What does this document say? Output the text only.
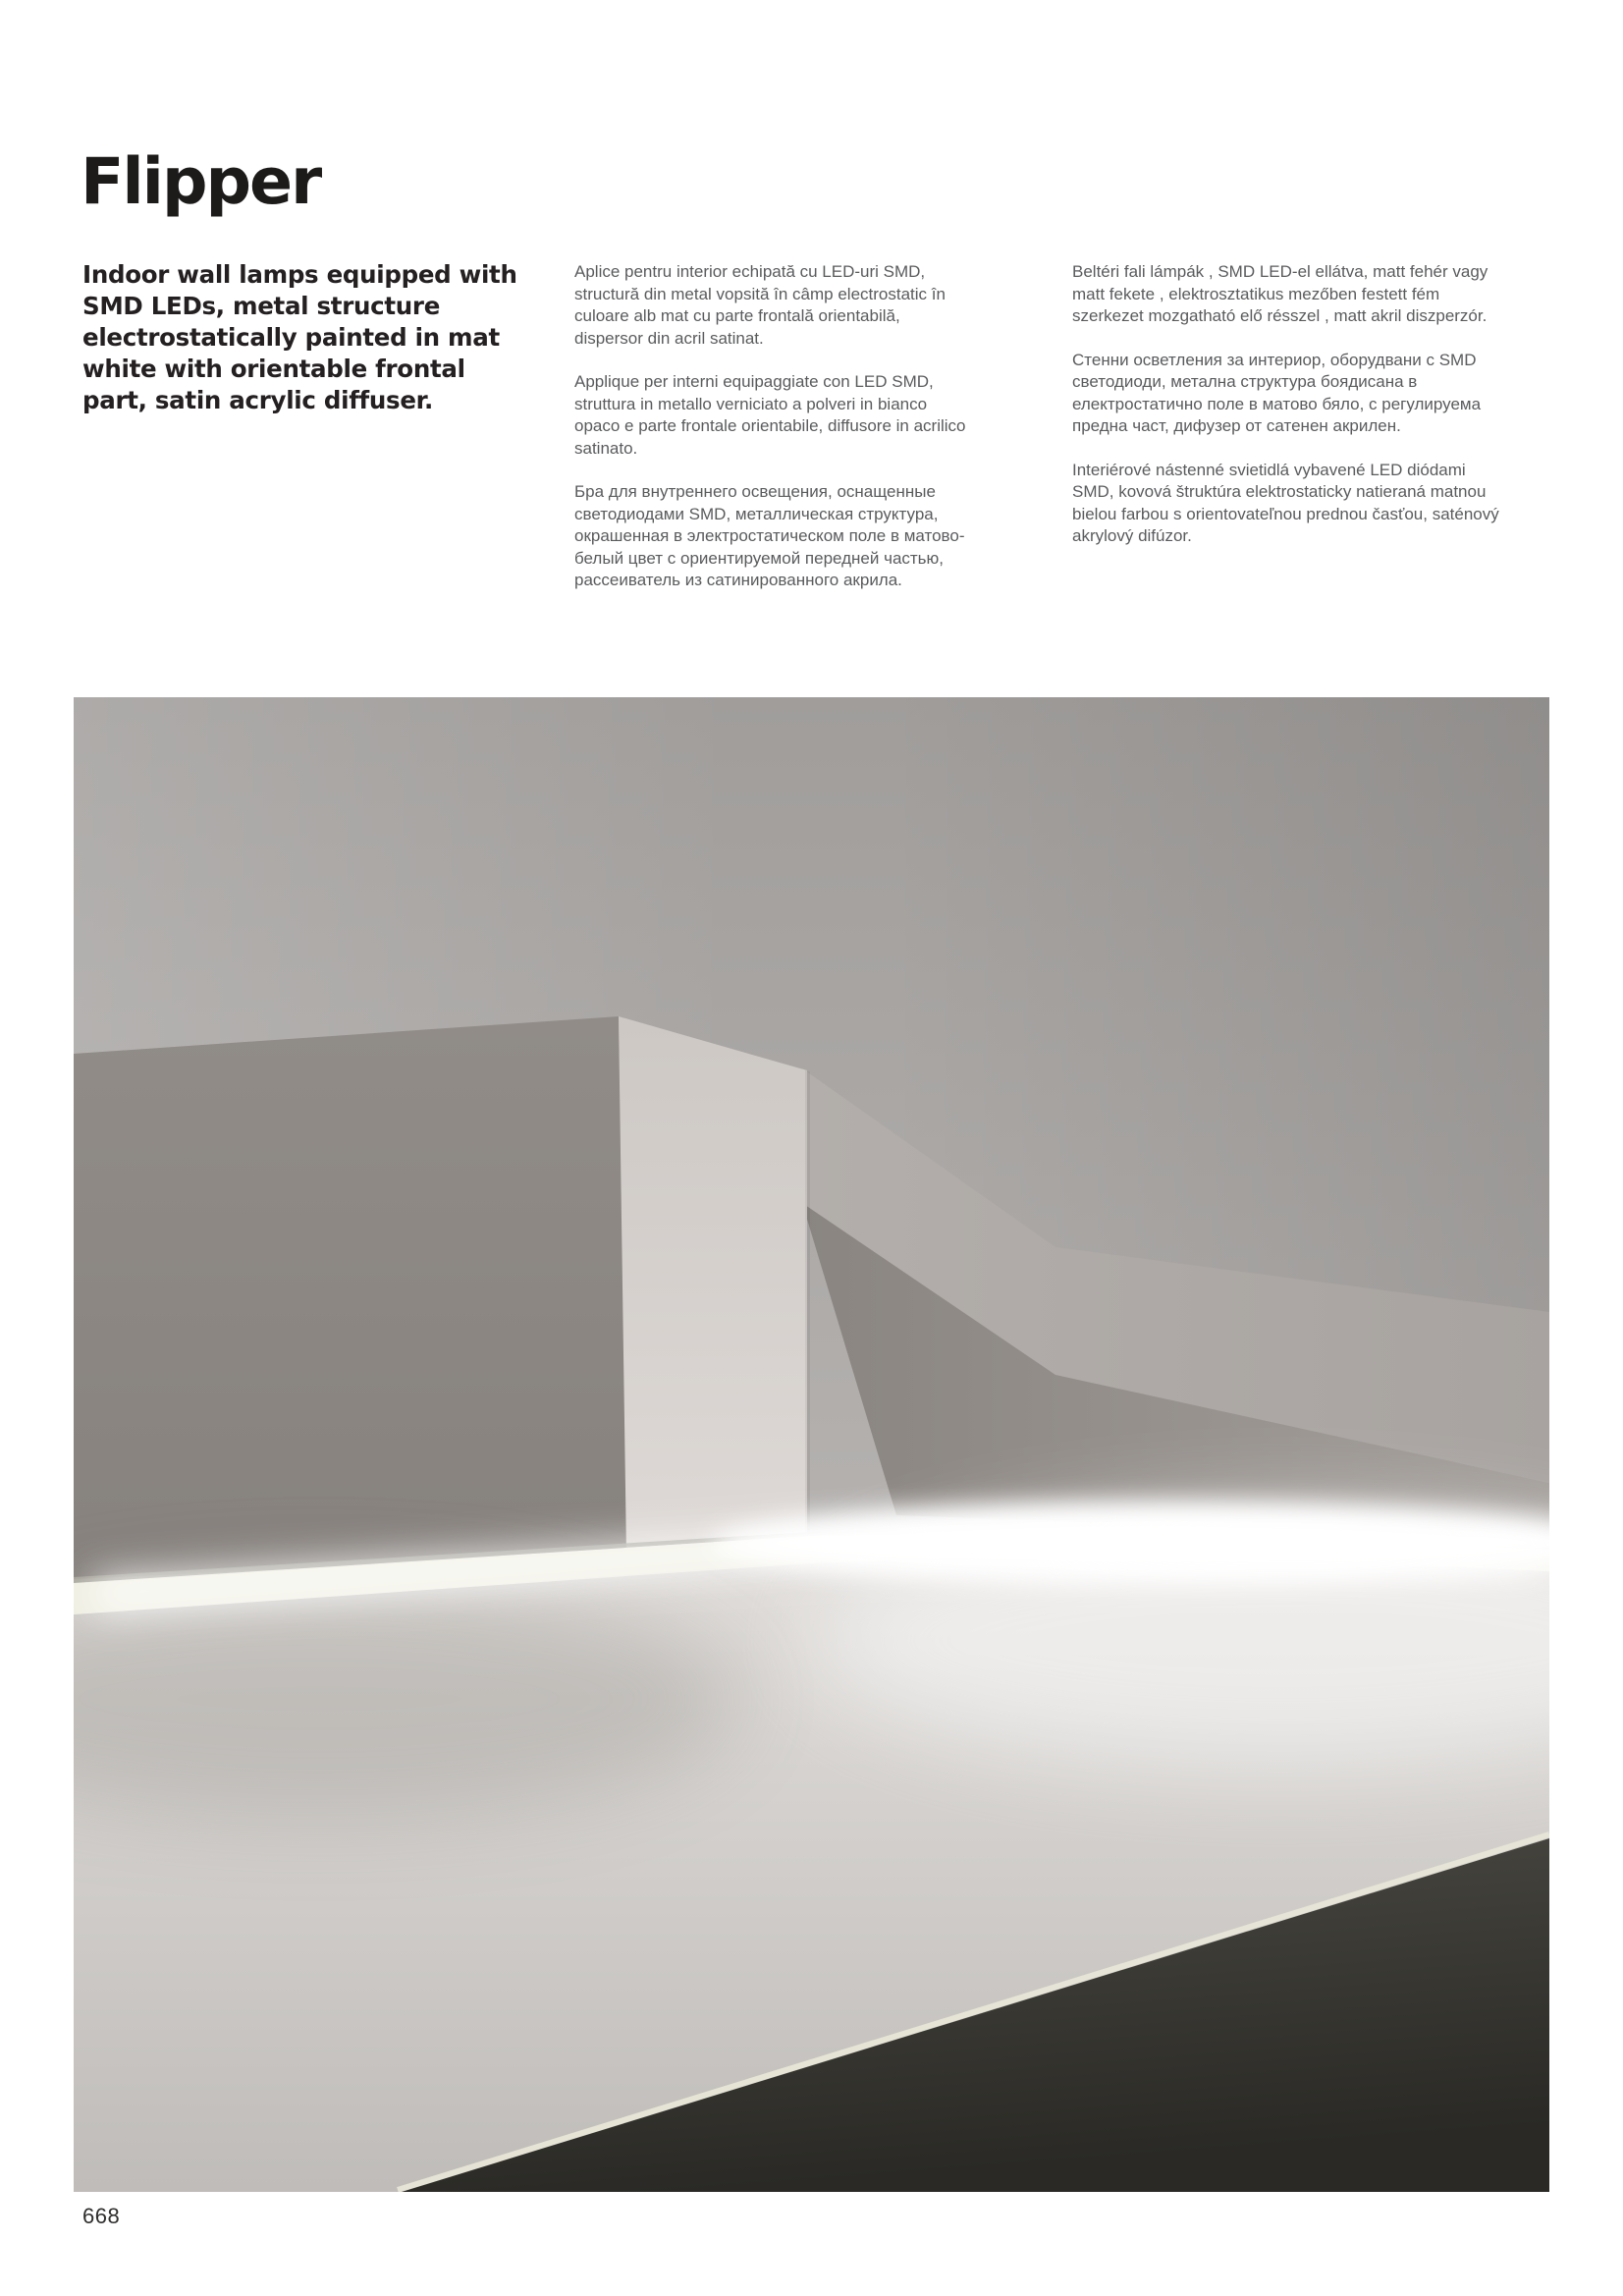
Flipper
Indoor wall lamps equipped with SMD LEDs, metal structure electrostatically painted in mat white with orientable frontal part, satin acrylic diffuser.

Aplice pentru interior echipată cu LED-uri SMD, structură din metal vopsită în câmp electrostatic în culoare alb mat cu parte frontală orientabilă, dispersor din acril satinat.

Applique per interni equipaggiate con LED SMD, struttura in metallo verniciato a polveri in bianco opaco e parte frontale orientabile, diffusore in acrilico satinato.

Бра для внутреннего освещения, оснащенные светодиодами SMD, металлическая структура, окрашенная в электростатическом поле в матово-белый цвет с ориентируемой передней частью, рассеиватель из сатинированного акрила.

Beltéri fali lámpák , SMD LED-el ellátva, matt fehér vagy matt fekete , elektrosztatikus mezőben festett fém szerkezet mozgatható elő résszel , matt akril diszperzór.

Стенни осветления за интериор, оборудвани с SMD светодиоди, метална структура боядисана в електростатично поле в матово бяло, с регулируема предна част, дифузер от сатенен акрилен.

Interiérové nástenné svietidlá vybavené LED diódami SMD, kovová štruktúra elektrostaticky natieraná matnou bielou farbou s orientovateľnou prednou časťou, saténový akrylový difúzor.

668
